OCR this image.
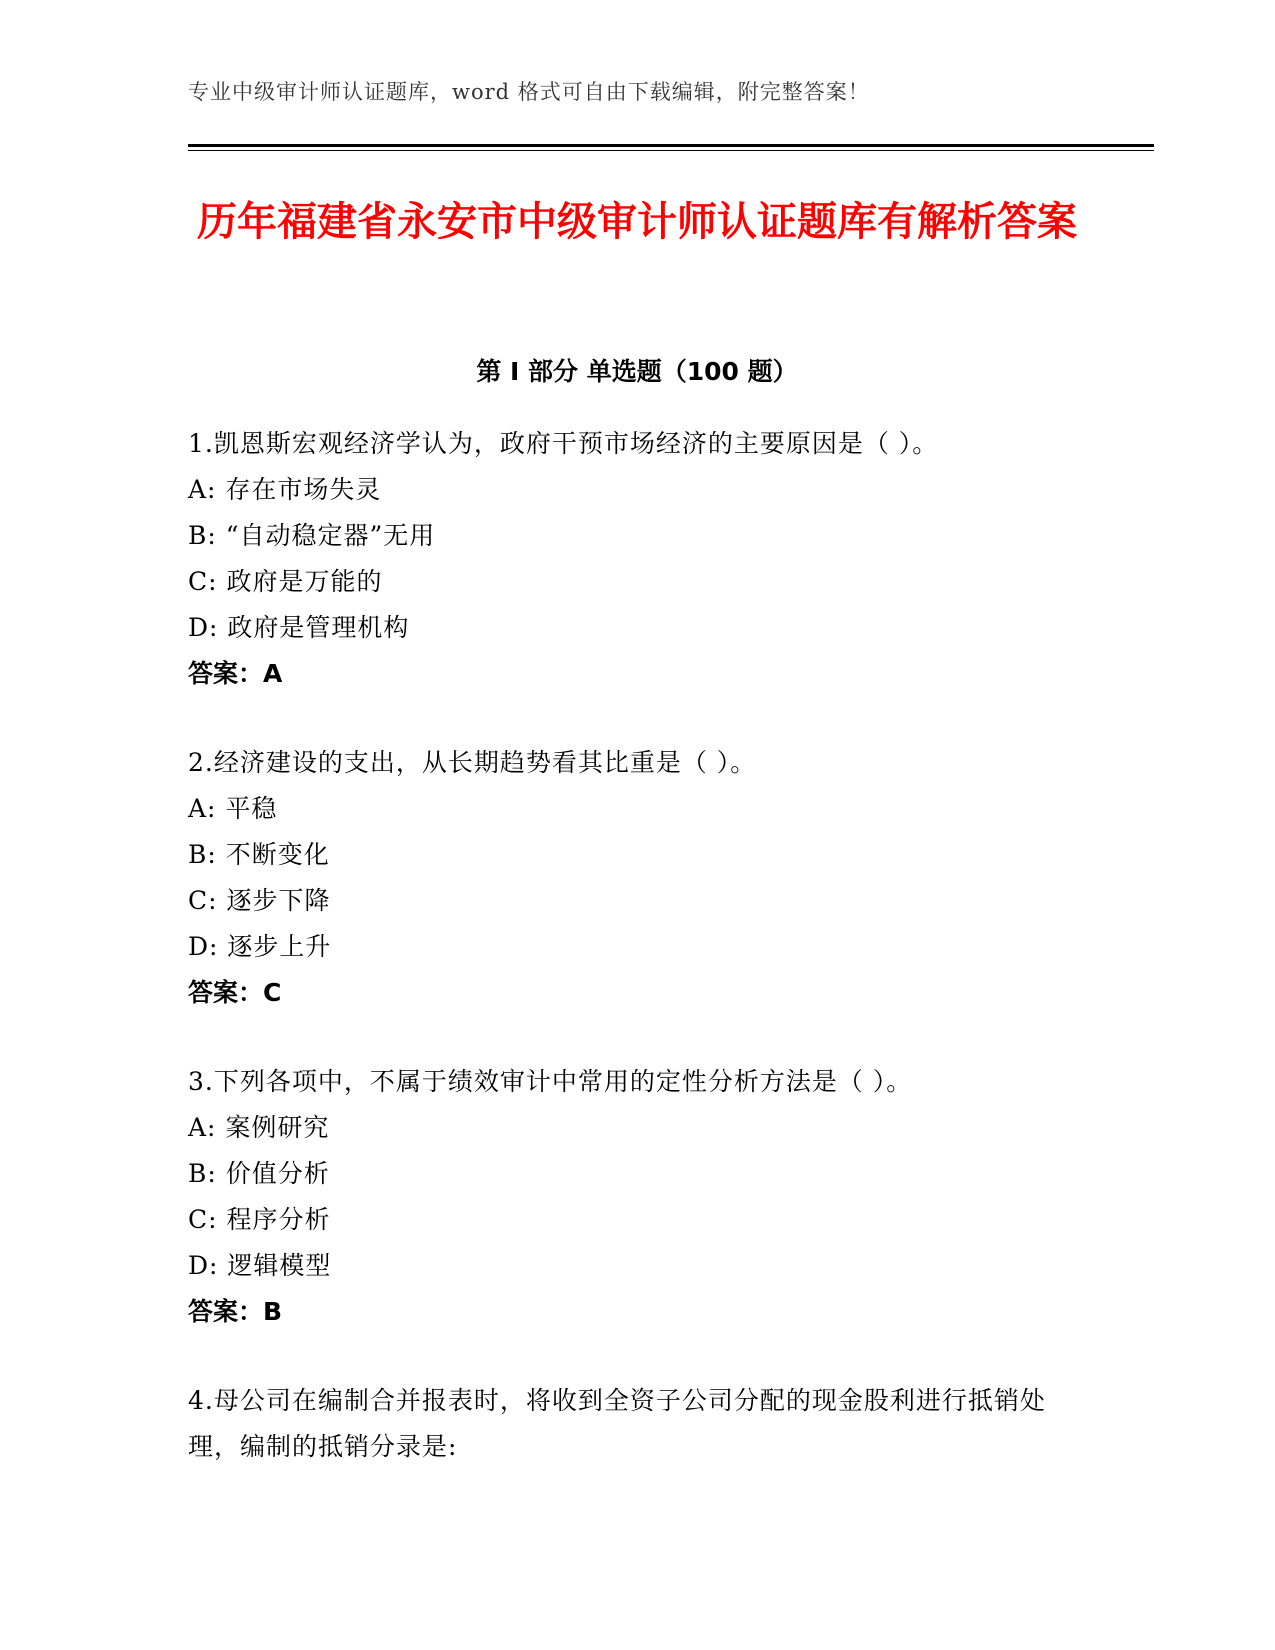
专业中级审计师认证题库，word 格式可自由下载编辑，附完整答案！
历年福建省永安市中级审计师认证题库有解析答案
第 I 部分 单选题（100 题）
1.凯恩斯宏观经济学认为，政府干预市场经济的主要原因是（ ）。
A: 存在市场失灵
B: “自动稳定器”无用
C: 政府是万能的
D: 政府是管理机构
答案：A
2.经济建设的支出，从长期趋势看其比重是（ ）。
A: 平稳
B: 不断变化
C: 逐步下降
D: 逐步上升
答案：C
3.下列各项中，不属于绩效审计中常用的定性分析方法是（ ）。
A: 案例研究
B: 价值分析
C: 程序分析
D: 逻辑模型
答案：B
4.母公司在编制合并报表时，将收到全资子公司分配的现金股利进行抵销处理，编制的抵销分录是:
